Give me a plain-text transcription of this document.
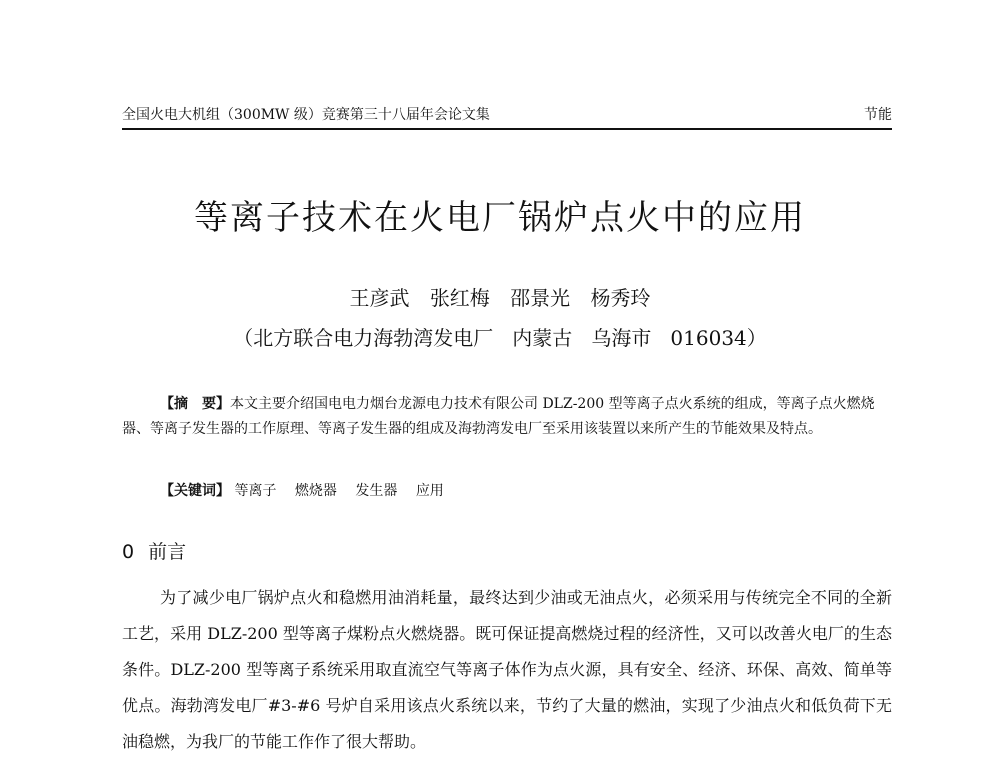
全国火电大机组（300MW 级）竞赛第三十八届年会论文集	节能
等离子技术在火电厂锅炉点火中的应用
王彦武 张红梅 邵景光 杨秀玲
（北方联合电力海勃湾发电厂   内蒙古   乌海市   016034）
【摘　要】本文主要介绍国电电力烟台龙源电力技术有限公司 DLZ-200 型等离子点火系统的组成，等离子点火燃烧器、等离子发生器的工作原理、等离子发生器的组成及海勃湾发电厂至采用该装置以来所产生的节能效果及特点。
【关键词】 等离子 燃烧器 发生器 应用
0 前言
为了减少电厂锅炉点火和稳燃用油消耗量，最终达到少油或无油点火，必须采用与传统完全不同的全新工艺，采用 DLZ-200 型等离子煤粉点火燃烧器。既可保证提高燃烧过程的经济性，又可以改善火电厂的生态条件。DLZ-200 型等离子系统采用取直流空气等离子体作为点火源，具有安全、经济、环保、高效、简单等优点。海勃湾发电厂#3-#6 号炉自采用该点火系统以来，节约了大量的燃油，实现了少油点火和低负荷下无油稳燃，为我厂的节能工作作了很大帮助。
